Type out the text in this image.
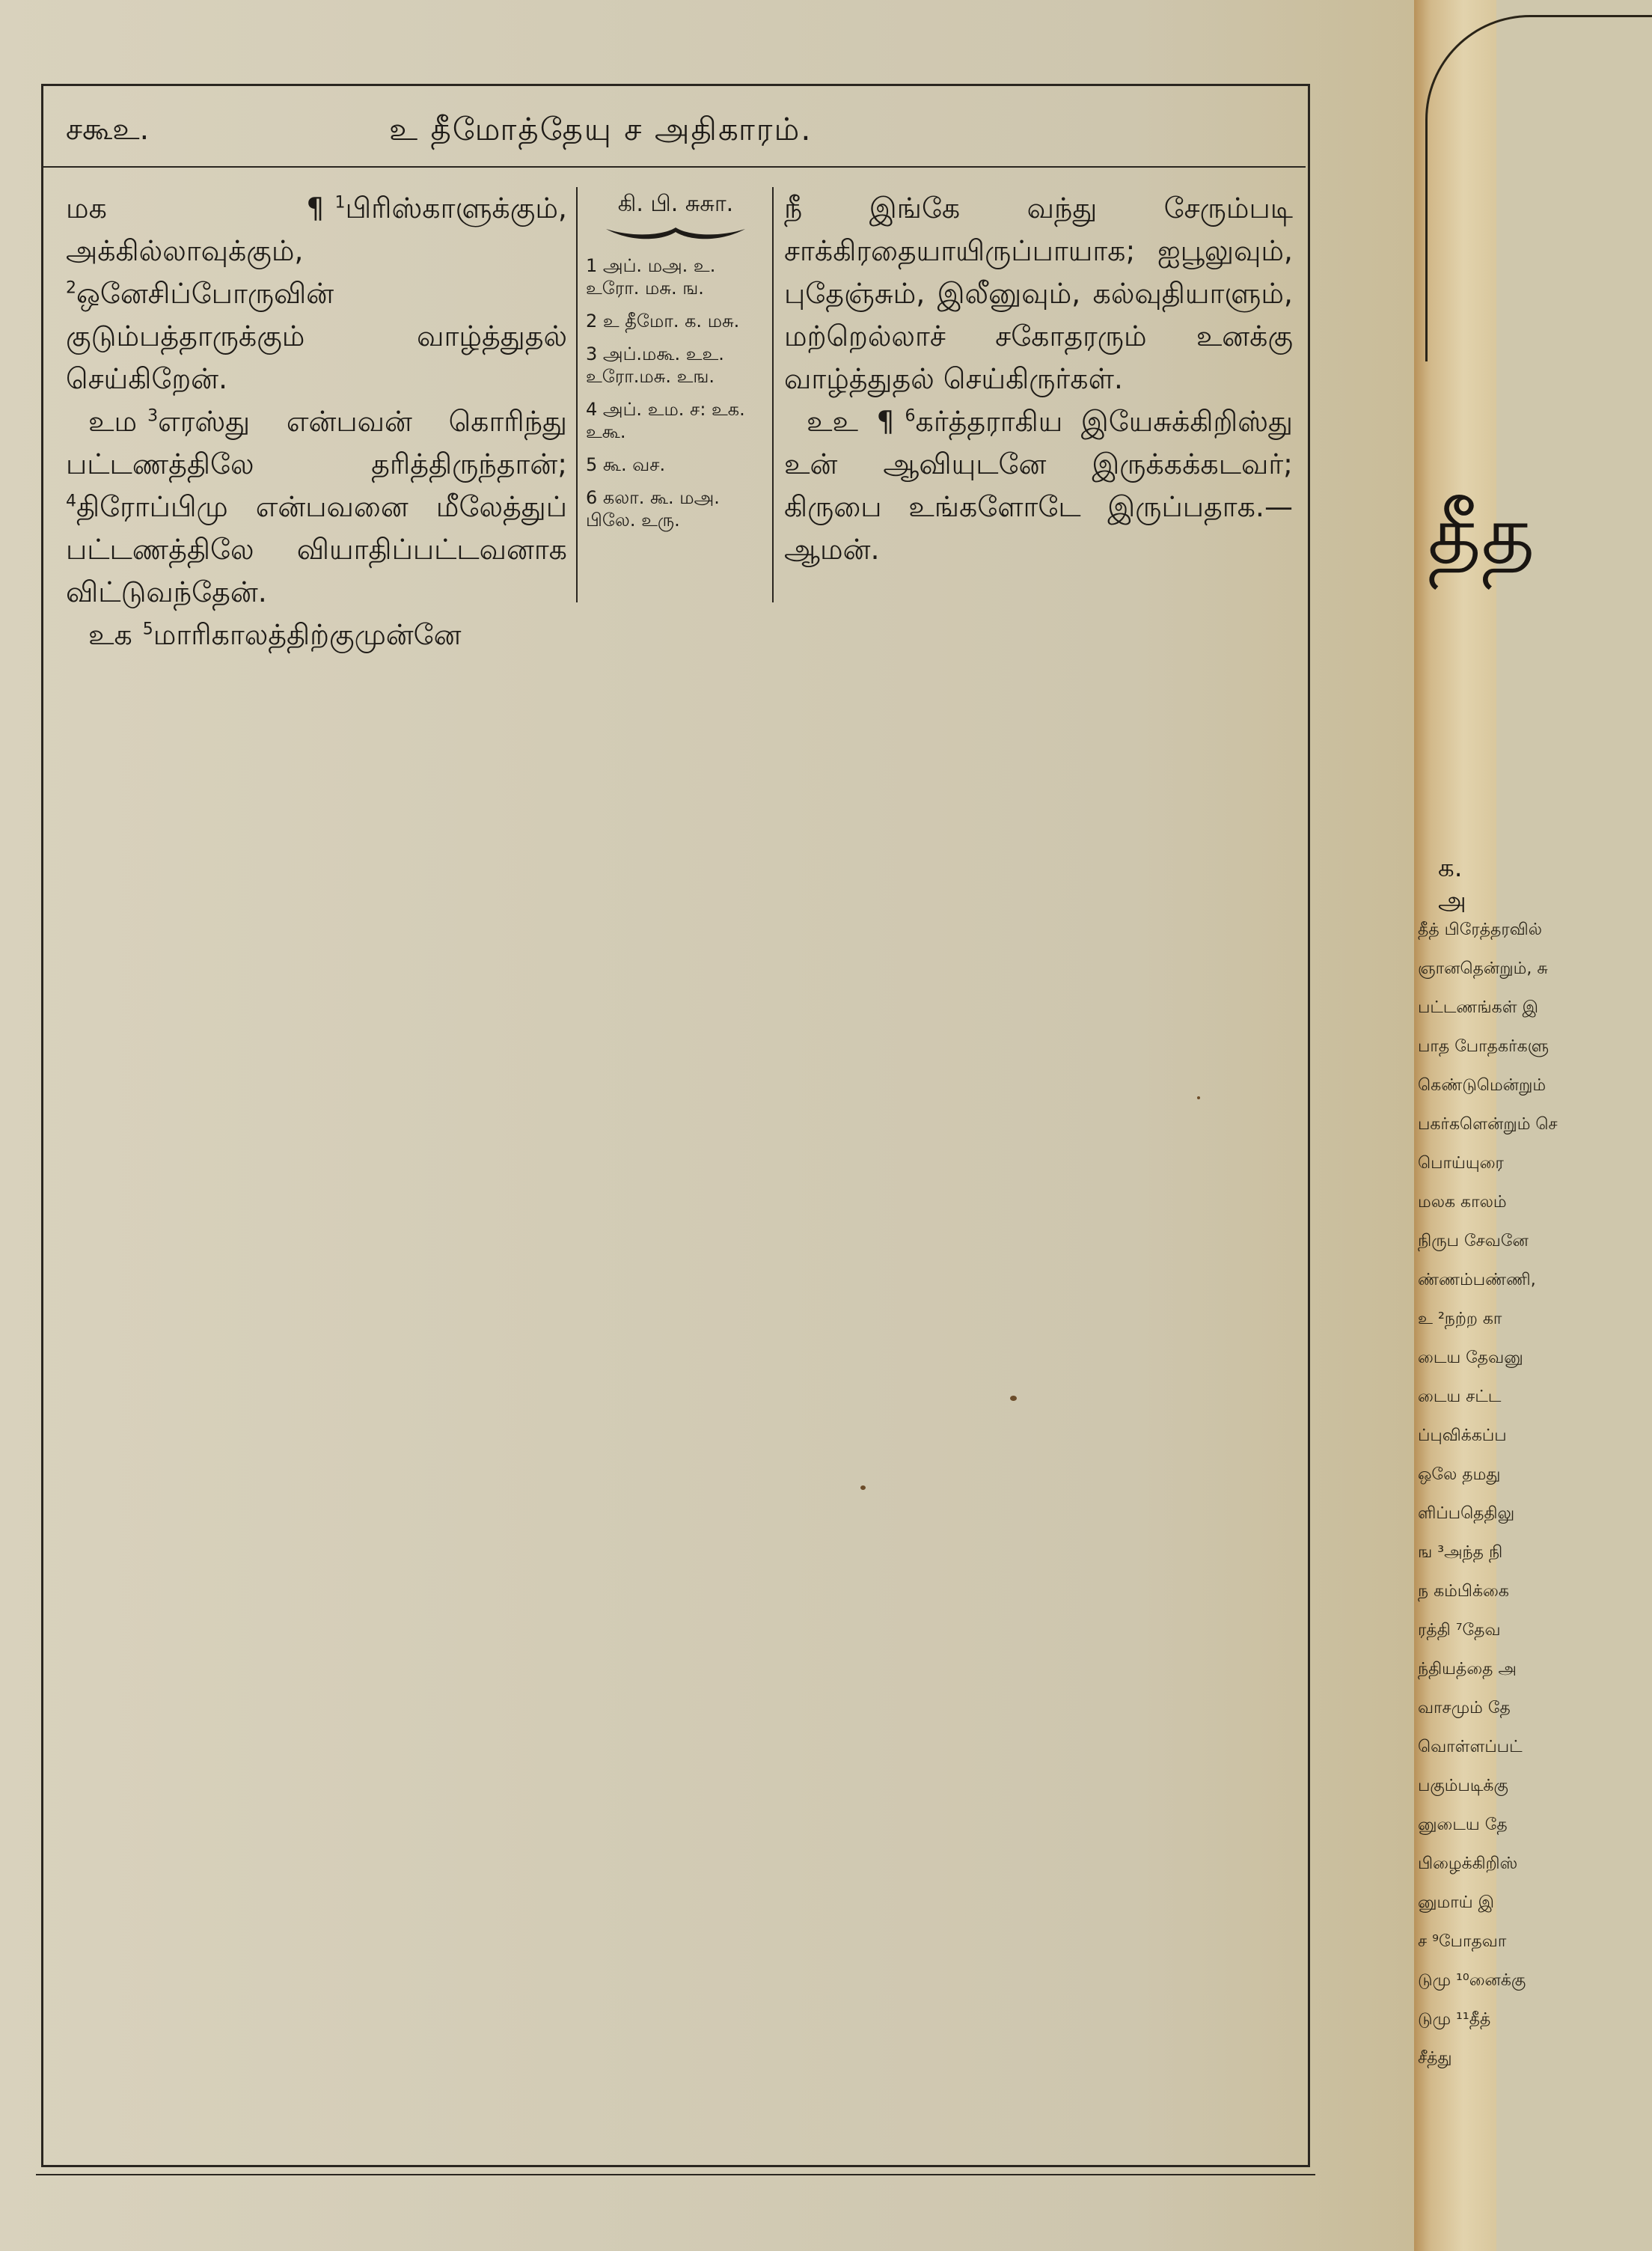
சகூஉ.	உ தீமோத்தேயு ச அதிகாரம்.

மக ¶ $^1$பிரிஸ்காளுக்கும், அக்கில்லாவுக்கும், $^2$ஒனேசிப்போருவின் குடும்பத்தாருக்கும் வாழ்த்துதல் செய்கிறேன்.

உம $^3$எரஸ்து என்பவன் கொரிந்து பட்டணத்திலே தரித்திருந்தான்; $^4$திரோப்பிமு என்பவனை மீலேத்துப் பட்டணத்திலே வியாதிப்பட்டவனாக விட்டுவந்தேன்.

உக $^5$மாரிகாலத்திற்குமுன்னே

கி. பி. சுசுா.
1 அப். மஅ. உ. உரோ. மசு. ங.
2 உ தீமோ. க. மசு.
3 அப்.மகூ. உஉ. உரோ.மசு. உங.
4 அப். உம. ச: உக. உகூ.
5 கூ. வச.
6 கலா. கூ. மஅ. பிலே. உரு.

நீ இங்கே வந்து சேரும்படி சாக்கிரதையாயிருப்பாயாக; ஐபூலுவும், புதேஞ்சும், இலீனுவும், கல்வுதியாளும், மற்றெல்லாச் சகோதரரும் உனக்கு வாழ்த்துதல் செய்கிருர்கள்.

உஉ ¶ $^6$கர்த்தராகிய இயேசுக்கிறிஸ்து உன் ஆவியுடனே இருக்கக்கடவர்; கிருபை உங்களோடே இருப்பதாக.—ஆமன்.	தீத
க. அ
தீத் பிரேத்தரவில்
ஞானதென்றும், சு
பட்டணங்கள் இ
பாத போதகர்களு
கெண்டுமென்றும்
பகர்களென்றும் செ
பொய்யுரை
மலக காலம்
நிருப சேவனே
ண்ணம்பண்ணி,
உ ²நற்ற கா
டைய தேவனு
டைய சட்ட
ப்புவிக்கப்ப
ஒலே தமது
ளிப்பதெதிலு
ங ³அந்த நி
ந கம்பிக்கை
ரத்தி ⁷தேவ
ந்தியத்தை அ
வாசமும் தே
வொள்ளப்பட்
பகும்படிக்கு
னுடைய தே
பிழைக்கிறிஸ்
னுமாய் இ
ச ⁹போதவா
டுமு ¹⁰னைக்கு
டுமு ¹¹தீத்
சீத்து
